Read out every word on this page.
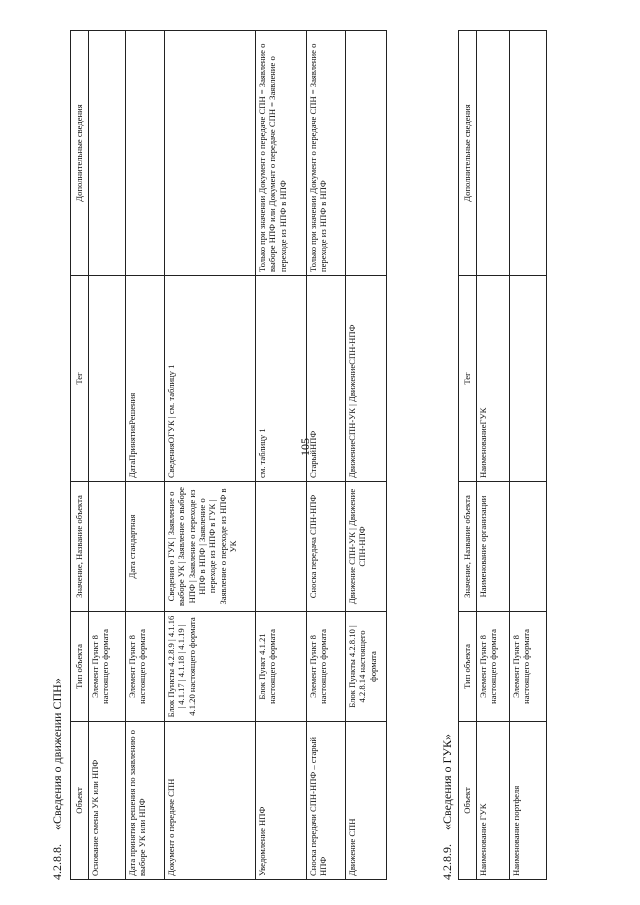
105
4.2.8.8.«Сведения о движении СПН» Объект	Тип объекта	Значение, Название объекта	Тег	Дополнительные сведения
Основание смены УК или НПФ	Элемент Пункт 8 настоящего формата			
Дата принятия решения по заявлению о выборе УК или НПФ	Элемент Пункт 8 настоящего формата	Дата стандартная	ДатаПринятияРешения	
Документ о передаче СПН	Блок Пункты 4.2.8.9 | 4.1.16 | 4.1.17 | 4.1.18 | 4.1.19 | 4.1.20 настоящего формата	Сведения о ГУК | Заявление о выборе УК | Заявление о выборе НПФ | Заявление о переходе из НПФ в НПФ | Заявление о переходе из НПФ в ГУК | Заявление о переходе из НПФ в УК	СведенияОГУК | см. таблицу 1	
Уведомление НПФ	Блок Пункт 4.1.21 настоящего формата		см. таблицу 1	Только при значении Документ о передаче СПН = Заявление о выборе НПФ или Документ о передаче СПН = Заявление о переходе из НПФ в НПФ
Сноска передачи СПН-НПФ – старый НПФ	Элемент Пункт 8 настоящего формата	Сноска передача СПН-НПФ	СтарыйНПФ	Только при значении Документ о передаче СПН = Заявление о переходе из НПФ в НПФ
Движение СПН	Блок Пункты 4.2.8.10 | 4.2.8.14 настоящего формата	Движение СПН-УК | Движение СПН-НПФ	ДвижениеСПН-УК | ДвижениеСПН-НПФ	
4.2.8.9.«Сведения о ГУК» Объект	Тип объекта	Значение, Название объекта	Тег	Дополнительные сведения
Наименование ГУК	Элемент Пункт 8 настоящего формата	Наименование организации	НаименованиеГУК	
Наименование портфеля	Элемент Пункт 8 настоящего формата			
